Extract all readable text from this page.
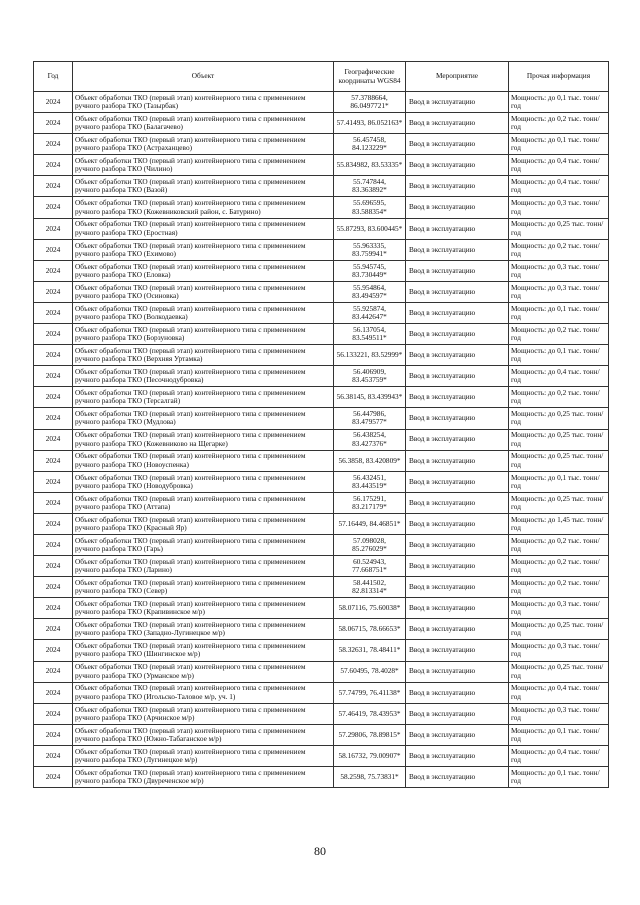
Год	Объект	Географические координаты WGS84	Мероприятие	Прочая информация
2024	Объект обработки ТКО (первый этап) контейнерного типа с применением ручного разбора ТКО (Тазырбак)	57.3788664, 86.0497721*	Ввод в эксплуатацию	Мощность: до 0,1 тыс. тонн/ год
2024	Объект обработки ТКО (первый этап) контейнерного типа с применением ручного разбора ТКО (Балагачево)	57.41493, 86.052163*	Ввод в эксплуатацию	Мощность: до 0,2 тыс. тонн/ год
2024	Объект обработки ТКО (первый этап) контейнерного типа с применением ручного разбора ТКО (Астраханцево)	56.457458, 84.123229*	Ввод в эксплуатацию	Мощность: до 0,1 тыс. тонн/ год
2024	Объект обработки ТКО (первый этап) контейнерного типа с применением ручного разбора ТКО (Чилино)	55.834982, 83.53335*	Ввод в эксплуатацию	Мощность: до 0,4 тыс. тонн/ год
2024	Объект обработки ТКО (первый этап) контейнерного типа с применением ручного разбора ТКО (Вазой)	55.747844, 83.363892*	Ввод в эксплуатацию	Мощность: до 0,4 тыс. тонн/ год
2024	Объект обработки ТКО (первый этап) контейнерного типа с применением ручного разбора ТКО (Кожевниковский район, с. Батурино)	55.696595, 83.588354*	Ввод в эксплуатацию	Мощность: до 0,3 тыс. тонн/ год
2024	Объект обработки ТКО (первый этап) контейнерного типа с применением ручного разбора ТКО (Еростная)	55.87293, 83.600445*	Ввод в эксплуатацию	Мощность: до 0,25 тыс. тонн/ год
2024	Объект обработки ТКО (первый этап) контейнерного типа с применением ручного разбора ТКО (Ехимово)	55.963335, 83.759941*	Ввод в эксплуатацию	Мощность: до 0,2 тыс. тонн/ год
2024	Объект обработки ТКО (первый этап) контейнерного типа с применением ручного разбора ТКО (Еловка)	55.945745, 83.730449*	Ввод в эксплуатацию	Мощность: до 0,3 тыс. тонн/ год
2024	Объект обработки ТКО (первый этап) контейнерного типа с применением ручного разбора ТКО (Осиновка)	55.954864, 83.494597*	Ввод в эксплуатацию	Мощность: до 0,3 тыс. тонн/ год
2024	Объект обработки ТКО (первый этап) контейнерного типа с применением ручного разбора ТКО (Волкодаевка)	55.925874, 83.442647*	Ввод в эксплуатацию	Мощность: до 0,1 тыс. тонн/ год
2024	Объект обработки ТКО (первый этап) контейнерного типа с применением ручного разбора ТКО (Борзуновка)	56.137054, 83.549511*	Ввод в эксплуатацию	Мощность: до 0,2 тыс. тонн/ год
2024	Объект обработки ТКО (первый этап) контейнерного типа с применением ручного разбора ТКО (Верхняя Уртамка)	56.133221, 83.52999*	Ввод в эксплуатацию	Мощность: до 0,1 тыс. тонн/ год
2024	Объект обработки ТКО (первый этап) контейнерного типа с применением ручного разбора ТКО (Песочнодубровка)	56.406909, 83.453759*	Ввод в эксплуатацию	Мощность: до 0,4 тыс. тонн/ год
2024	Объект обработки ТКО (первый этап) контейнерного типа с применением ручного разбора ТКО (Терсалгай)	56.38145, 83.439943*	Ввод в эксплуатацию	Мощность: до 0,2 тыс. тонн/ год
2024	Объект обработки ТКО (первый этап) контейнерного типа с применением ручного разбора ТКО (Мудлова)	56.447986, 83.479577*	Ввод в эксплуатацию	Мощность: до 0,25 тыс. тонн/ год
2024	Объект обработки ТКО (первый этап) контейнерного типа с применением ручного разбора ТКО (Кожевниково на Щегарке)	56.438254, 83.427376*	Ввод в эксплуатацию	Мощность: до 0,25 тыс. тонн/ год
2024	Объект обработки ТКО (первый этап) контейнерного типа с применением ручного разбора ТКО (Новоуспенка)	56.3858, 83.420809*	Ввод в эксплуатацию	Мощность: до 0,25 тыс. тонн/ год
2024	Объект обработки ТКО (первый этап) контейнерного типа с применением ручного разбора ТКО (Новодубровка)	56.432451, 83.443519*	Ввод в эксплуатацию	Мощность: до 0,1 тыс. тонн/ год
2024	Объект обработки ТКО (первый этап) контейнерного типа с применением ручного разбора ТКО (Аттапа)	56.175291, 83.217179*	Ввод в эксплуатацию	Мощность: до 0,25 тыс. тонн/ год
2024	Объект обработки ТКО (первый этап) контейнерного типа с применением ручного разбора ТКО (Красный Яр)	57.16449, 84.46851*	Ввод в эксплуатацию	Мощность: до 1,45 тыс. тонн/ год
2024	Объект обработки ТКО (первый этап) контейнерного типа с применением ручного разбора ТКО (Гарь)	57.098028, 85.276029*	Ввод в эксплуатацию	Мощность: до 0,2 тыс. тонн/ год
2024	Объект обработки ТКО (первый этап) контейнерного типа с применением ручного разбора ТКО (Ларино)	60.524943, 77.668751*	Ввод в эксплуатацию	Мощность: до 0,2 тыс. тонн/ год
2024	Объект обработки ТКО (первый этап) контейнерного типа с применением ручного разбора ТКО (Север)	58.441502, 82.813314*	Ввод в эксплуатацию	Мощность: до 0,2 тыс. тонн/ год
2024	Объект обработки ТКО (первый этап) контейнерного типа с применением ручного разбора ТКО (Крапивинское м/р)	58.07116, 75.60038*	Ввод в эксплуатацию	Мощность: до 0,3 тыс. тонн/ год
2024	Объект обработки ТКО (первый этап) контейнерного типа с применением ручного разбора ТКО (Западно-Лугинецкое м/р)	58.06715, 78.66653*	Ввод в эксплуатацию	Мощность: до 0,25 тыс. тонн/ год
2024	Объект обработки ТКО (первый этап) контейнерного типа с применением ручного разбора ТКО (Шингинское м/р)	58.32631, 78.48411*	Ввод в эксплуатацию	Мощность: до 0,3 тыс. тонн/ год
2024	Объект обработки ТКО (первый этап) контейнерного типа с применением ручного разбора ТКО (Урманское м/р)	57.60495, 78.4028*	Ввод в эксплуатацию	Мощность: до 0,25 тыс. тонн/ год
2024	Объект обработки ТКО (первый этап) контейнерного типа с применением ручного разбора ТКО (Игольско-Таловое м/р, уч. 1)	57.74799, 76.41138*	Ввод в эксплуатацию	Мощность: до 0,4 тыс. тонн/ год
2024	Объект обработки ТКО (первый этап) контейнерного типа с применением ручного разбора ТКО (Арчинское м/р)	57.46419, 78.43953*	Ввод в эксплуатацию	Мощность: до 0,3 тыс. тонн/ год
2024	Объект обработки ТКО (первый этап) контейнерного типа с применением ручного разбора ТКО (Южно-Табаганское м/р)	57.29806, 78.89815*	Ввод в эксплуатацию	Мощность: до 0,1 тыс. тонн/ год
2024	Объект обработки ТКО (первый этап) контейнерного типа с применением ручного разбора ТКО (Лугинецкое м/р)	58.16732, 79.00907*	Ввод в эксплуатацию	Мощность: до 0,4 тыс. тонн/ год
2024	Объект обработки ТКО (первый этап) контейнерного типа с применением ручного разбора ТКО (Двуреченское м/р)	58.2598, 75.73831*	Ввод в эксплуатацию	Мощность: до 0,1 тыс. тонн/ год
80
